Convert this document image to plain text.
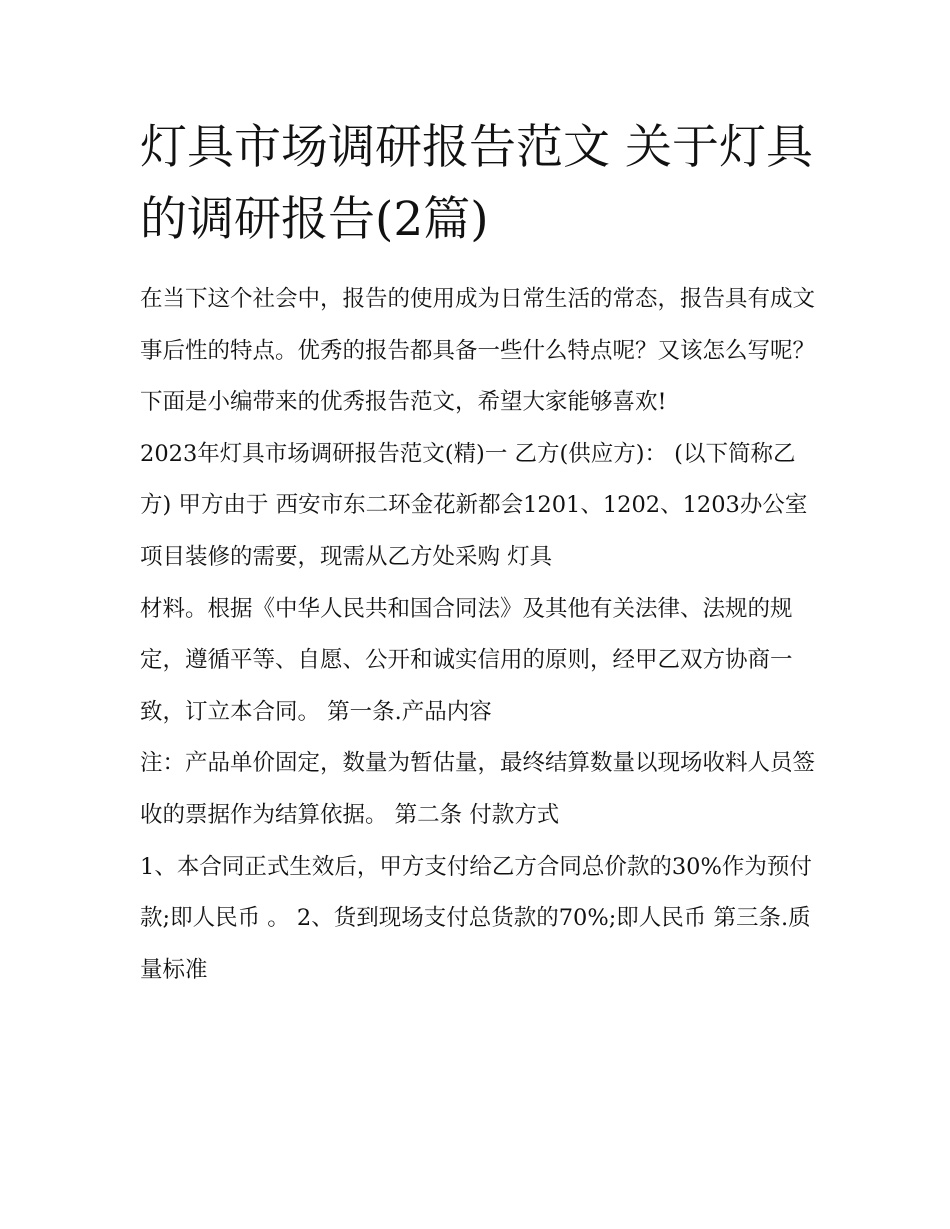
灯具市场调研报告范文 关于灯具的调研报告(2篇)

在当下这个社会中，报告的使用成为日常生活的常态，报告具有成文事后性的特点。优秀的报告都具备一些什么特点呢？又该怎么写呢？下面是小编带来的优秀报告范文，希望大家能够喜欢!

2023年灯具市场调研报告范文(精)一 乙方(供应方)： (以下简称乙方) 甲方由于 西安市东二环金花新都会1201、1202、1203办公室

项目装修的需要，现需从乙方处采购 灯具

材料。根据《中华人民共和国合同法》及其他有关法律、法规的规定，遵循平等、自愿、公开和诚实信用的原则，经甲乙双方协商一致，订立本合同。 第一条.产品内容

注：产品单价固定，数量为暂估量，最终结算数量以现场收料人员签收的票据作为结算依据。 第二条 付款方式

1、本合同正式生效后，甲方支付给乙方合同总价款的30%作为预付款;即人民币 。 2、货到现场支付总货款的70%;即人民币 第三条.质量标准
